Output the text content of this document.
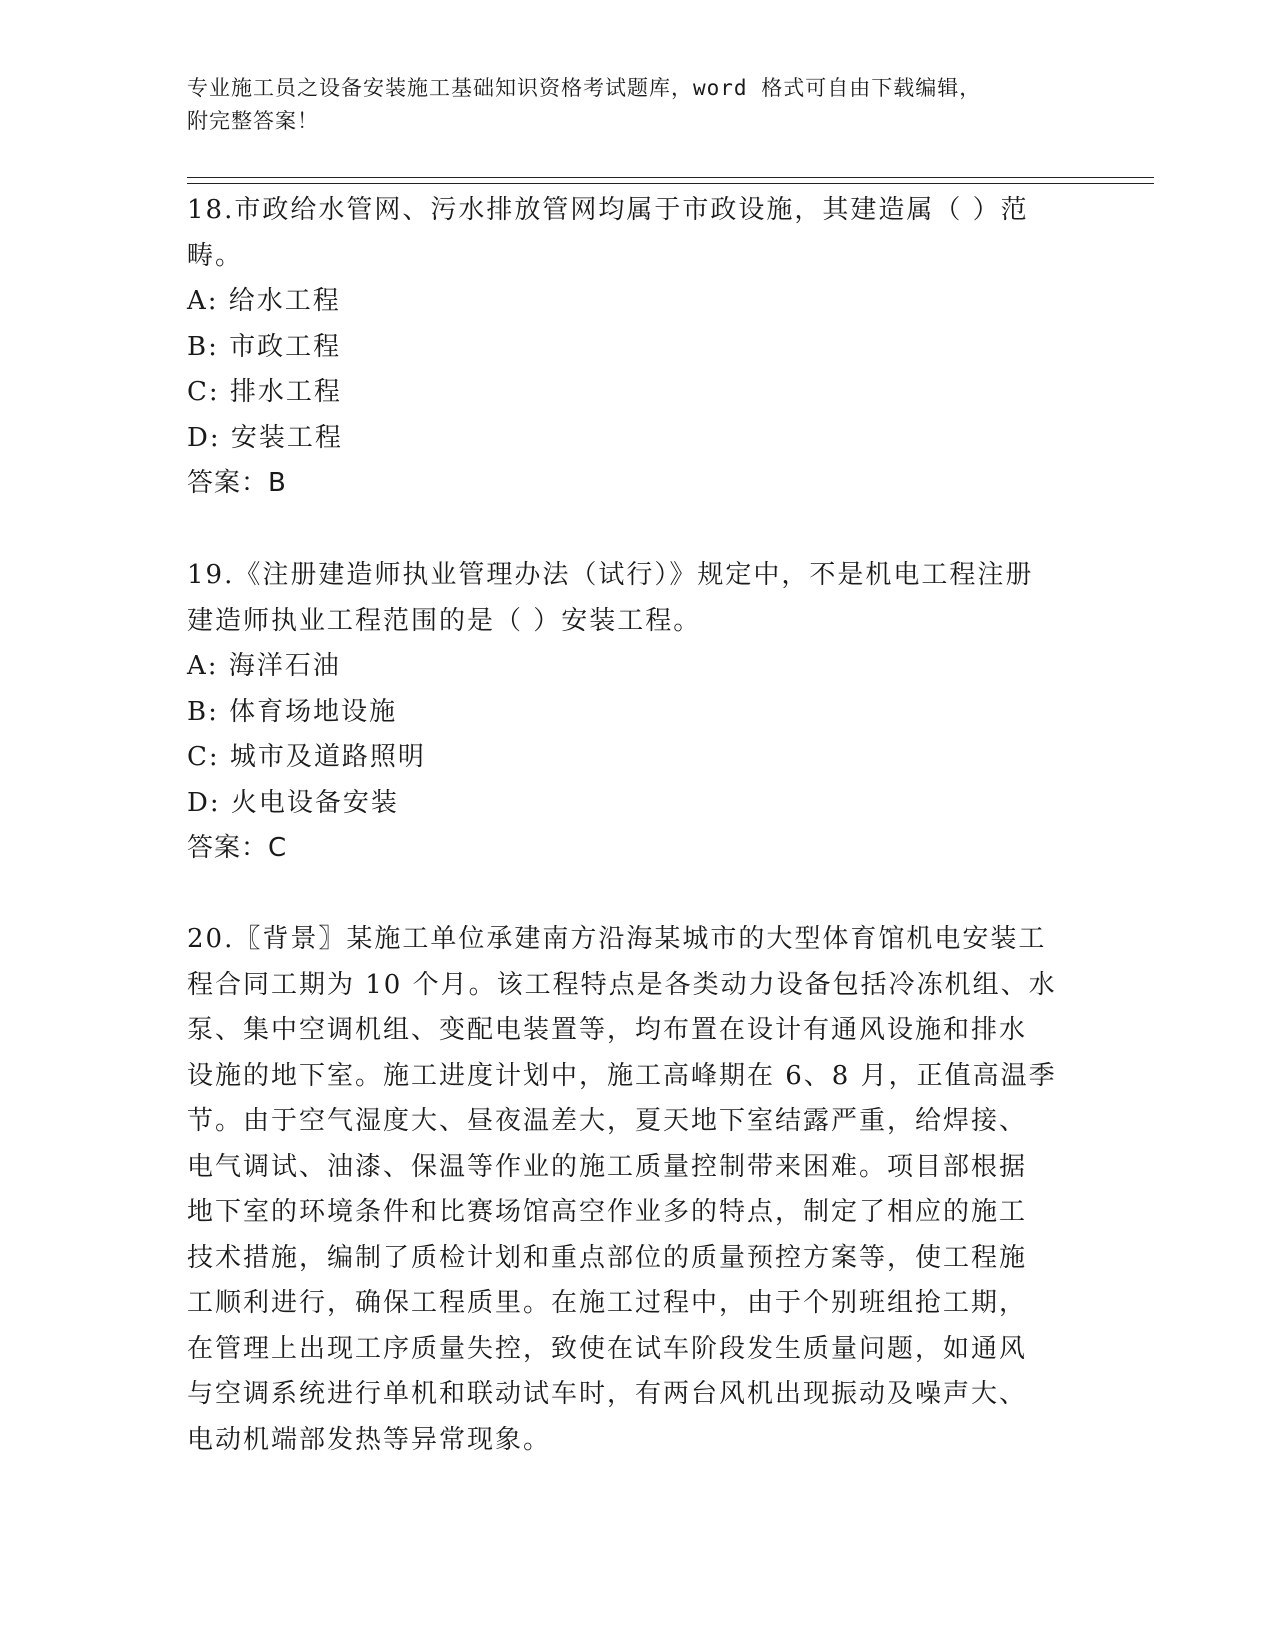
专业施工员之设备安装施工基础知识资格考试题库，word 格式可自由下载编辑，
附完整答案！
18.市政给水管网、污水排放管网均属于市政设施，其建造属（ ）范
畴。
A: 给水工程
B: 市政工程
C: 排水工程
D: 安装工程
答案：B
19.《注册建造师执业管理办法（试行）》规定中，不是机电工程注册
建造师执业工程范围的是（ ）安装工程。
A: 海洋石油
B: 体育场地设施
C: 城市及道路照明
D: 火电设备安装
答案：C
20.〖背景〗某施工单位承建南方沿海某城市的大型体育馆机电安装工
程合同工期为 10 个月。该工程特点是各类动力设备包括冷冻机组、水
泵、集中空调机组、变配电装置等，均布置在设计有通风设施和排水
设施的地下室。施工进度计划中，施工高峰期在 6、8 月，正值高温季
节。由于空气湿度大、昼夜温差大，夏天地下室结露严重，给焊接、
电气调试、油漆、保温等作业的施工质量控制带来困难。项目部根据
地下室的环境条件和比赛场馆高空作业多的特点，制定了相应的施工
技术措施，编制了质检计划和重点部位的质量预控方案等，使工程施
工顺利进行，确保工程质里。在施工过程中，由于个别班组抢工期，
在管理上出现工序质量失控，致使在试车阶段发生质量问题，如通风
与空调系统进行单机和联动试车时，有两台风机出现振动及噪声大、
电动机端部发热等异常现象。
